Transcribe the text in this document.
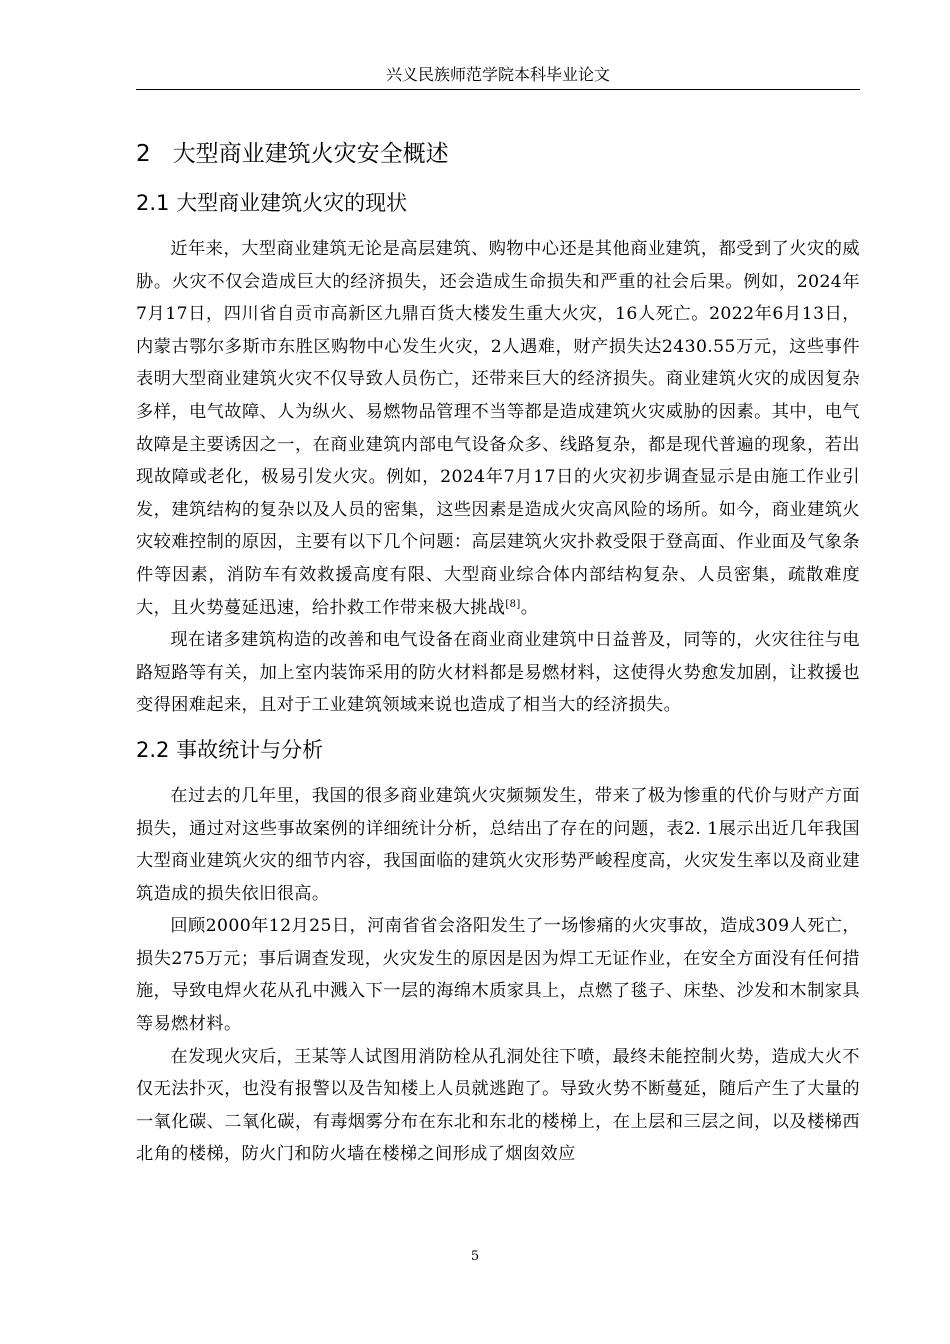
兴义民族师范学院本科毕业论文
2   大型商业建筑火灾安全概述
2.1 大型商业建筑火灾的现状

近年来，大型商业建筑无论是高层建筑、购物中心还是其他商业建筑，都受到了火灾的威胁。火灾不仅会造成巨大的经济损失，还会造成生命损失和严重的社会后果。例如，2024年7月17日，四川省自贡市高新区九鼎百货大楼发生重大火灾，16人死亡。2022年6月13日，内蒙古鄂尔多斯市东胜区购物中心发生火灾，2人遇难，财产损失达2430.55万元，这些事件表明大型商业建筑火灾不仅导致人员伤亡，还带来巨大的经济损失。商业建筑火灾的成因复杂多样，电气故障、人为纵火、易燃物品管理不当等都是造成建筑火灾威胁的因素。其中，电气故障是主要诱因之一，在商业建筑内部电气设备众多、线路复杂，都是现代普遍的现象，若出现故障或老化，极易引发火灾。例如，2024年7月17日的火灾初步调查显示是由施工作业引发，建筑结构的复杂以及人员的密集，这些因素是造成火灾高风险的场所。如今，商业建筑火灾较难控制的原因，主要有以下几个问题：高层建筑火灾扑救受限于登高面、作业面及气象条件等因素，消防车有效救援高度有限、大型商业综合体内部结构复杂、人员密集，疏散难度大，且火势蔓延迅速，给扑救工作带来极大挑战[8]。

现在诸多建筑构造的改善和电气设备在商业商业建筑中日益普及，同等的，火灾往往与电路短路等有关，加上室内装饰采用的防火材料都是易燃材料，这使得火势愈发加剧，让救援也变得困难起来，且对于工业建筑领域来说也造成了相当大的经济损失。

2.2 事故统计与分析

在过去的几年里，我国的很多商业建筑火灾频频发生，带来了极为惨重的代价与财产方面损失，通过对这些事故案例的详细统计分析，总结出了存在的问题，表2. 1展示出近几年我国大型商业建筑火灾的细节内容，我国面临的建筑火灾形势严峻程度高，火灾发生率以及商业建筑造成的损失依旧很高。

回顾2000年12月25日，河南省省会洛阳发生了一场惨痛的火灾事故，造成309人死亡，损失275万元；事后调查发现，火灾发生的原因是因为焊工无证作业，在安全方面没有任何措施，导致电焊火花从孔中溅入下一层的海绵木质家具上，点燃了毯子、床垫、沙发和木制家具等易燃材料。

在发现火灾后，王某等人试图用消防栓从孔洞处往下喷，最终未能控制火势，造成大火不仅无法扑灭，也没有报警以及告知楼上人员就逃跑了。导致火势不断蔓延，随后产生了大量的一氧化碳、二氧化碳，有毒烟雾分布在东北和东北的楼梯上，在上层和三层之间，以及楼梯西北角的楼梯，防火门和防火墙在楼梯之间形成了烟囱效应

5
